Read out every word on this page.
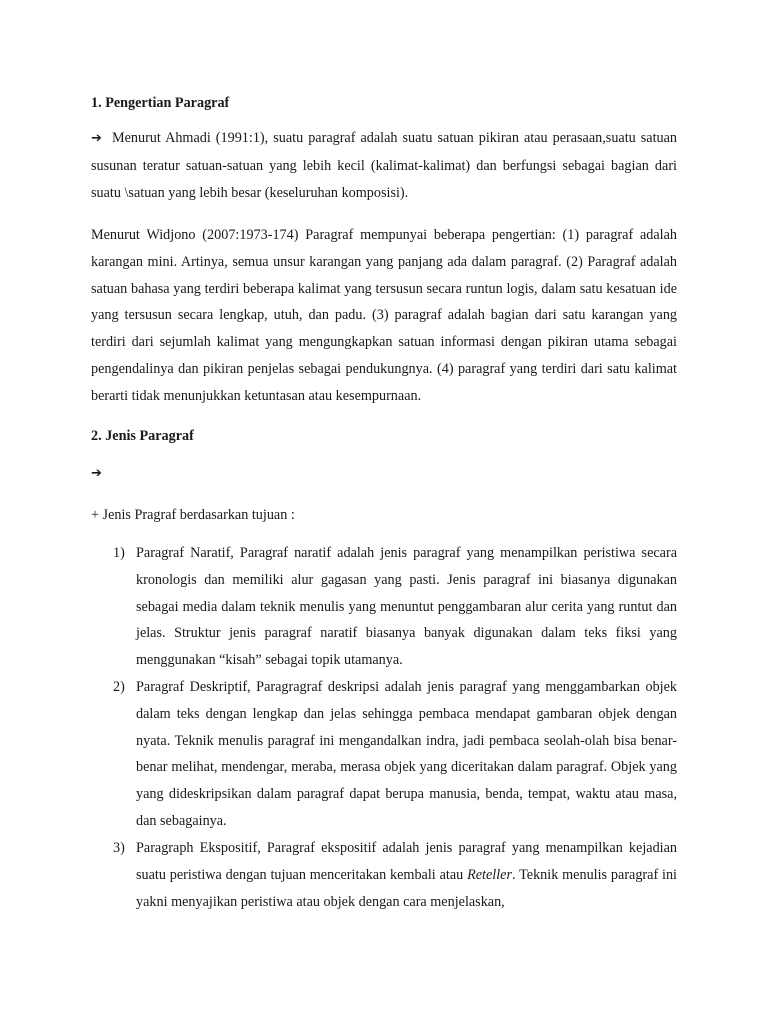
1. Pengertian Paragraf
➔ Menurut Ahmadi (1991:1), suatu paragraf adalah suatu satuan pikiran atau perasaan,suatu satuan susunan teratur satuan-satuan yang lebih kecil (kalimat-kalimat) dan berfungsi sebagai bagian dari suatu \satuan yang lebih besar (keseluruhan komposisi).
Menurut Widjono (2007:1973-174) Paragraf mempunyai beberapa pengertian: (1) paragraf adalah karangan mini. Artinya, semua unsur karangan yang panjang ada dalam paragraf. (2) Paragraf adalah satuan bahasa yang terdiri beberapa kalimat yang tersusun secara runtun logis, dalam satu kesatuan ide yang tersusun secara lengkap, utuh, dan padu. (3) paragraf adalah bagian dari satu karangan yang terdiri dari sejumlah kalimat yang mengungkapkan satuan informasi dengan pikiran utama sebagai pengendalinya dan pikiran penjelas sebagai pendukungnya. (4) paragraf yang terdiri dari satu kalimat berarti tidak menunjukkan ketuntasan atau kesempurnaan.
2. Jenis Paragraf
➔
+ Jenis Pragraf berdasarkan tujuan :
1) Paragraf Naratif, Paragraf naratif adalah jenis paragraf yang menampilkan peristiwa secara kronologis dan memiliki alur gagasan yang pasti. Jenis paragraf ini biasanya digunakan sebagai media dalam teknik menulis yang menuntut penggambaran alur cerita yang runtut dan jelas. Struktur jenis paragraf naratif biasanya banyak digunakan dalam teks fiksi yang menggunakan “kisah” sebagai topik utamanya.
2) Paragraf Deskriptif, Paragragraf deskripsi adalah jenis paragraf yang menggambarkan objek dalam teks dengan lengkap dan jelas sehingga pembaca mendapat gambaran objek dengan nyata. Teknik menulis paragraf ini mengandalkan indra, jadi pembaca seolah-olah bisa benar-benar melihat, mendengar, meraba, merasa objek yang diceritakan dalam paragraf. Objek yang yang dideskripsikan dalam paragraf dapat berupa manusia, benda, tempat, waktu atau masa, dan sebagainya.
3) Paragraph Ekspositif, Paragraf ekspositif adalah jenis paragraf yang menampilkan kejadian suatu peristiwa dengan tujuan menceritakan kembali atau Reteller. Teknik menulis paragraf ini yakni menyajikan peristiwa atau objek dengan cara menjelaskan,
